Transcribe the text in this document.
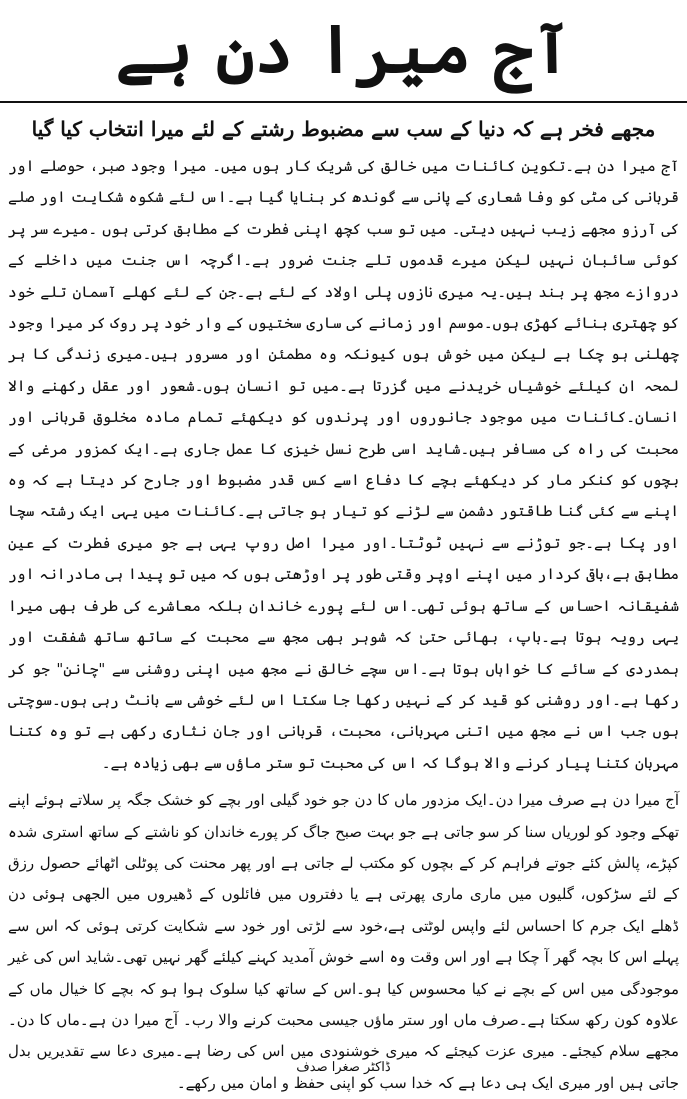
آج میرا دن ہے
مجھے فخر ہے کہ دنیا کے سب سے مضبوط رشتے کے لئے میرا انتخاب کیا گیا

آج میرا دن ہے۔تکوین کائنات میں خالق کی شریک کار ہوں میں۔ میرا وجود صبر، حوصلے اور قربانی کی مٹی کو وفا شعاری کے پانی سے گوندھ کر بنایا گیا ہے۔اس لئے شکوہ شکایت اور صلے کی آرزو مجھے زیب نہیں دیتی۔ میں تو سب کچھ اپنی فطرت کے مطابق کرتی ہوں ۔میرے سر پر کوئی سائبان نہیں لیکن میرے قدموں تلے جنت ضرور ہے۔اگرچہ اس جنت میں داخلے کے دروازے مجھ پر بند ہیں۔یہ میری نازوں پلی اولاد کے لئے ہے۔جن کے لئے کھلے آسمان تلے خود کو چھتری بنائے کھڑی ہوں۔موسم اور زمانے کی ساری سختیوں کے وار خود پر روک کر میرا وجود چھلنی ہو چکا ہے لیکن میں خوش ہوں کیونکہ وہ مطمئن اور مسرور ہیں۔میری زندگی کا ہر لمحہ ان کیلئے خوشیاں خریدنے میں گزرتا ہے۔میں تو انسان ہوں۔شعور اور عقل رکھنے والا انسان۔کائنات میں موجود جانوروں اور پرندوں کو دیکھئے تمام مادہ مخلوق قربانی اور محبت کی راہ کی مسافر ہیں۔شاید اسی طرح نسل خیزی کا عمل جاری ہے۔ایک کمزور مرغی کے بچوں کو کنکر مار کر دیکھئے بچے کا دفاع اسے کس قدر مضبوط اور جارح کر دیتا ہے کہ وہ اپنے سے کئی گنا طاقتور دشمن سے لڑنے کو تیار ہو جاتی ہے۔کائنات میں یہی ایک رشتہ سچا اور پکا ہے۔جو توڑنے سے نہیں ٹوٹتا۔اور میرا اصل روپ یہی ہے جو میری فطرت کے عین مطابق ہے،باقی کردار میں اپنے اوپر وقتی طور پر اوڑھتی ہوں کہ میں تو پیدا ہی مادرانہ اور شفیقانہ احساس کے ساتھ ہوئی تھی۔اس لئے پورے خاندان بلکہ معاشرے کی طرف بھی میرا یہی رویہ ہوتا ہے۔باپ، بھائی حتیٰ کہ شوہر بھی مجھ سے محبت کے ساتھ ساتھ شفقت اور ہمدردی کے سائے کا خواہاں ہوتا ہے۔اس سچے خالق نے مجھ میں اپنی روشنی سے "چانن" جو کر رکھا ہے۔اور روشنی کو قید کر کے نہیں رکھا جا سکتا اس لئے خوشی سے بانٹ رہی ہوں۔سوچتی ہوں جب اس نے مجھ میں اتنی مہربانی، محبت، قربانی اور جان نثاری رکھی ہے تو وہ کتنا مہربان کتنا پیار کرنے والا ہوگا کہ اس کی محبت تو ستر ماؤں سے بھی زیادہ ہے۔

آج میرا دن ہے صرف میرا دن۔ایک مزدور ماں کا دن جو خود گیلی اور بچے کو خشک جگہ پر سلاتے ہوئے اپنے تھکے وجود کو لوریاں سنا کر سو جاتی ہے جو بہت صبح جاگ کر پورے خاندان کو ناشتے کے ساتھ استری شدہ کپڑے، پالش کئے جوتے فراہم کر کے بچوں کو مکتب لے جاتی ہے اور پھر محنت کی پوٹلی اٹھائے حصول رزق کے لئے سڑکوں، گلیوں میں ماری ماری پھرتی ہے یا دفتروں میں فائلوں کے ڈھیروں میں الجھی ہوئی دن ڈھلے ایک جرم کا احساس لئے واپس لوٹتی ہے،خود سے لڑتی اور خود سے شکایت کرتی ہوئی کہ اس سے پہلے اس کا بچہ گھر آ چکا ہے اور اس وقت وہ اسے خوش آمدید کہنے کیلئے گھر نہیں تھی۔شاید اس کی غیر موجودگی میں اس کے بچے نے کیا محسوس کیا ہو۔اس کے ساتھ کیا سلوک ہوا ہو کہ بچے کا خیال ماں کے علاوہ کون رکھ سکتا ہے۔صرف ماں اور ستر ماؤں جیسی محبت کرنے والا رب۔ آج میرا دن ہے۔ماں کا دن۔ مجھے سلام کیجئے۔ میری عزت کیجئے کہ میری خوشنودی میں اس کی رضا ہے۔میری دعا سے تقدیریں بدل جاتی ہیں اور میری ایک ہی دعا ہے کہ خدا سب کو اپنی حفظ و امان میں رکھے۔

ڈاکٹر صغرا صدف
